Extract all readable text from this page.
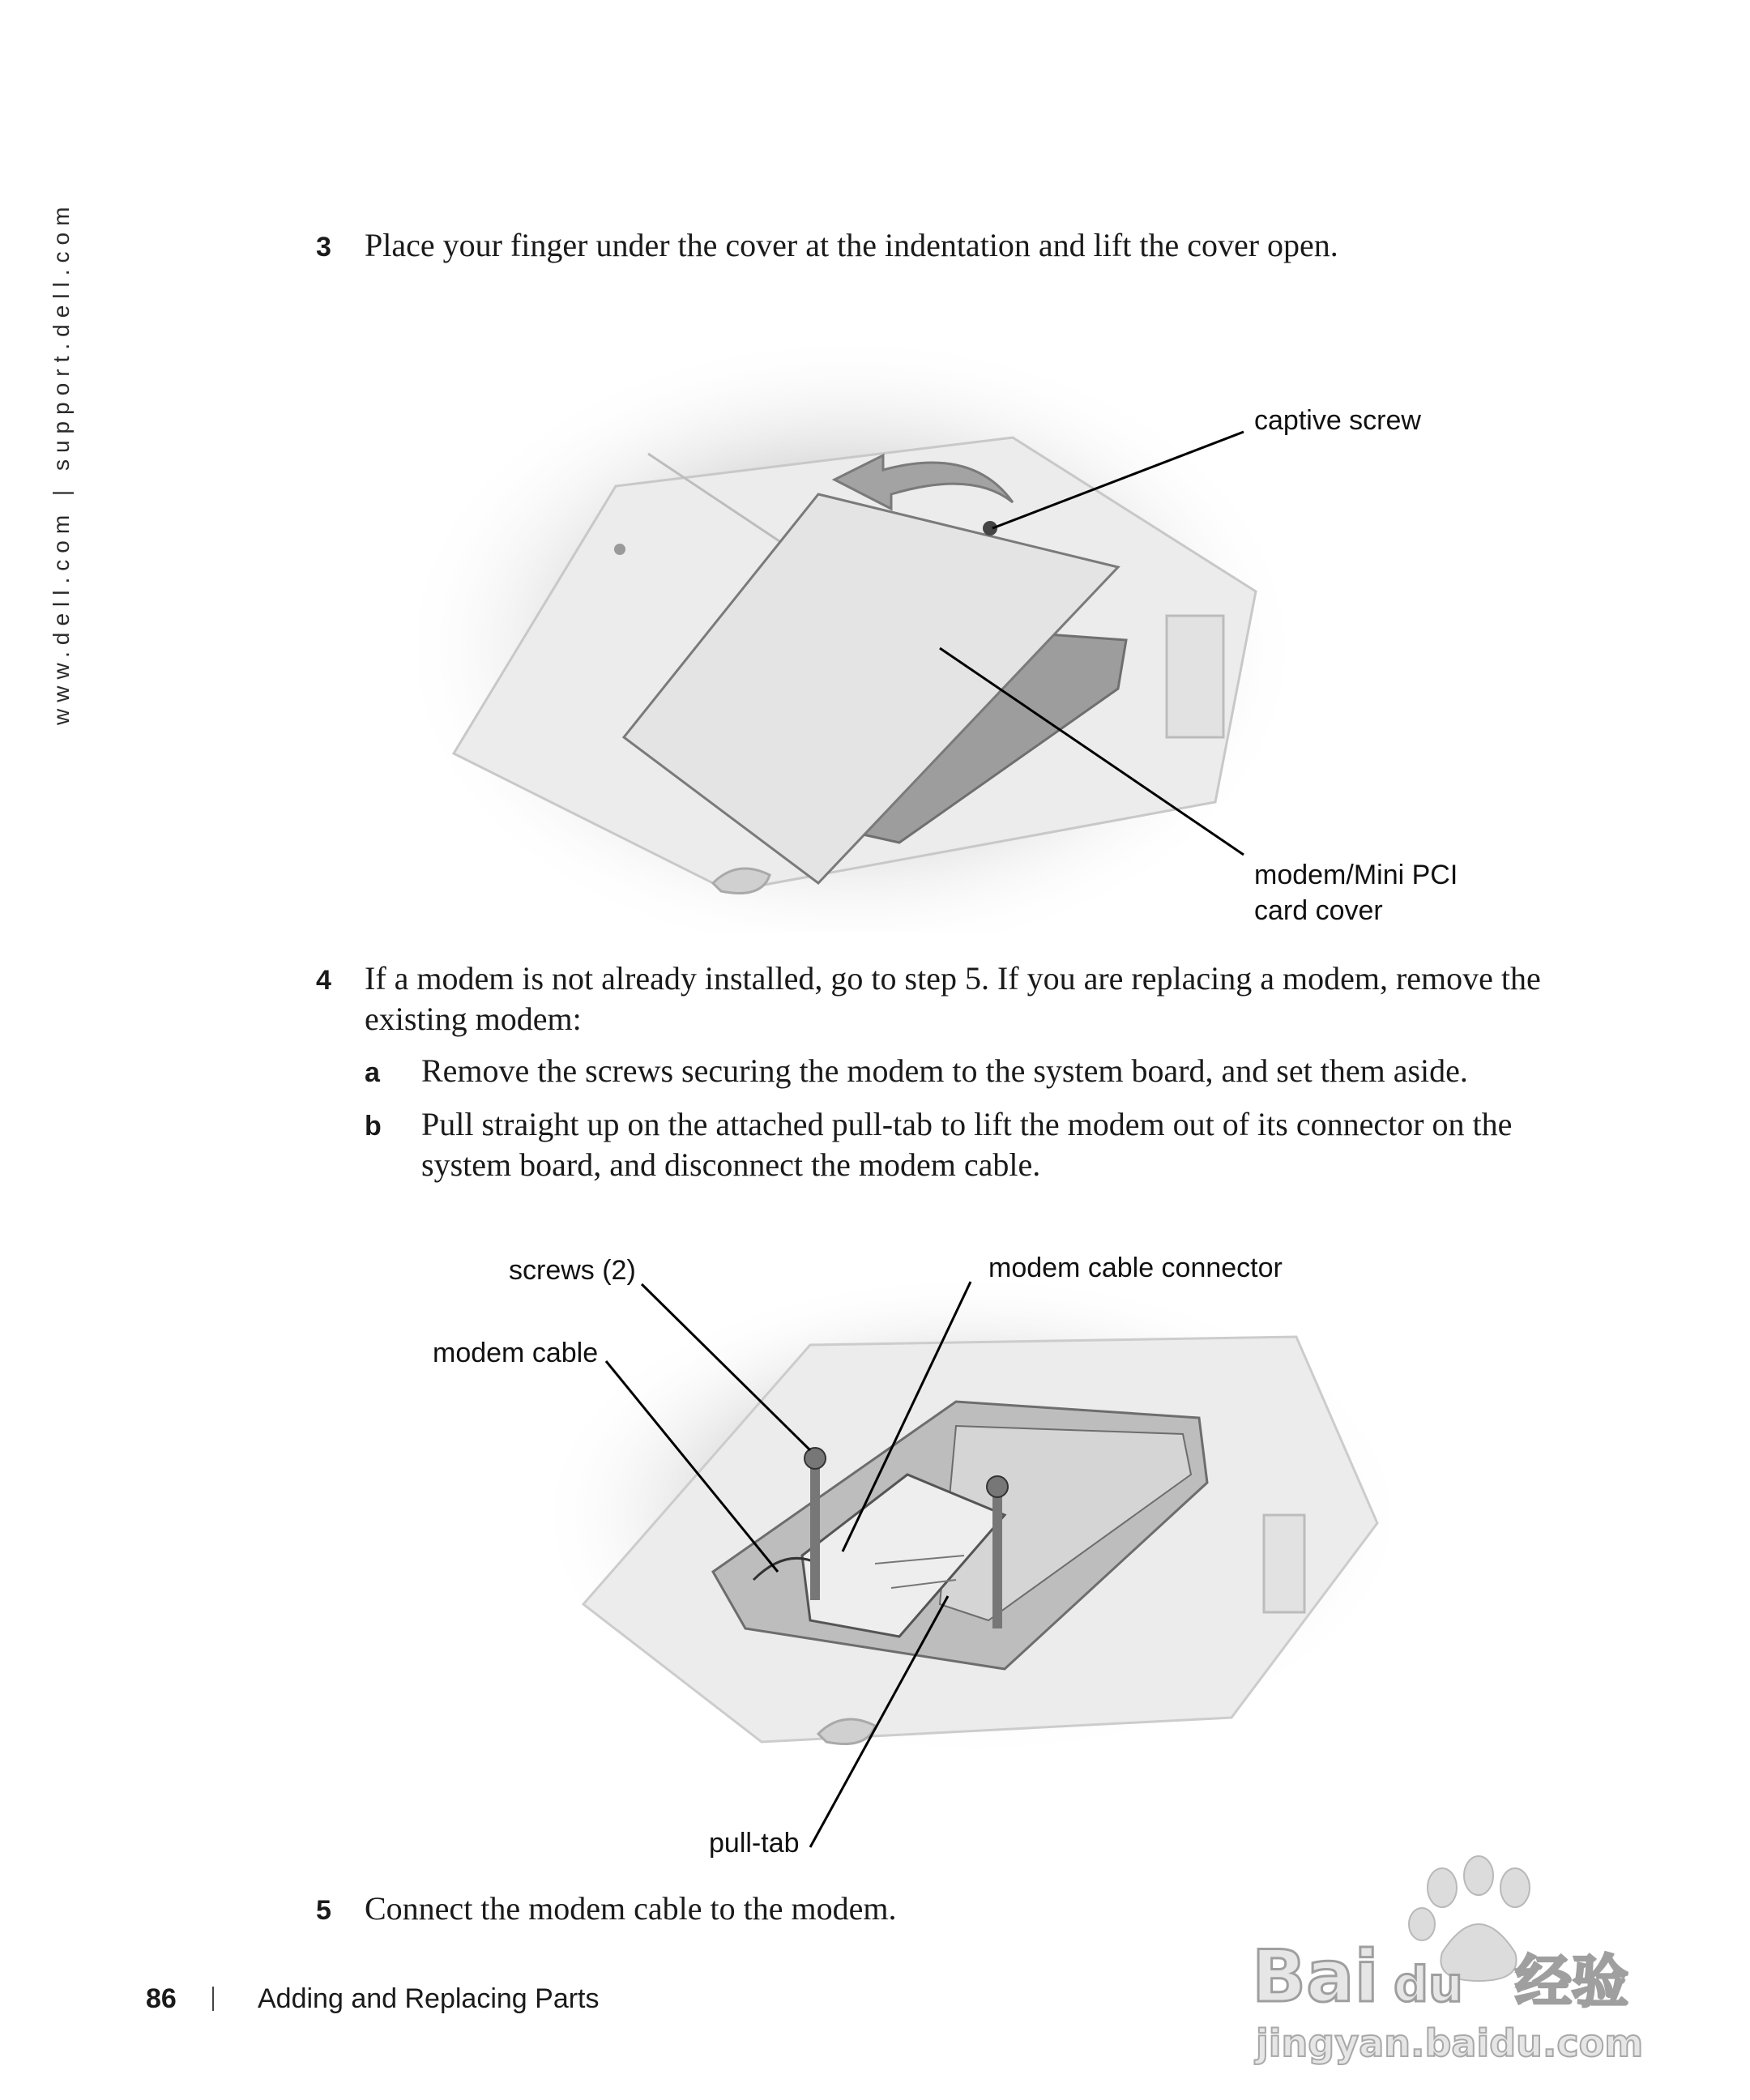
www.dell.com | support.dell.com	3 Place your finger under the cover at the indentation and lift the cover open.
captive screw
modem/Mini PCI
card cover
4 If a modem is not already installed, go to step 5. If you are replacing a modem, remove the existing modem:
a Remove the screws securing the modem to the system board, and set them aside.
b Pull straight up on the attached pull-tab to lift the modem out of its connector on the system board, and disconnect the modem cable.
screws (2)	modem cable connector
modem cable
pull-tab
5 Connect the modem cable to the modem.
86	Adding and Replacing Parts	Bai du 经验
jingyan.baidu.com
